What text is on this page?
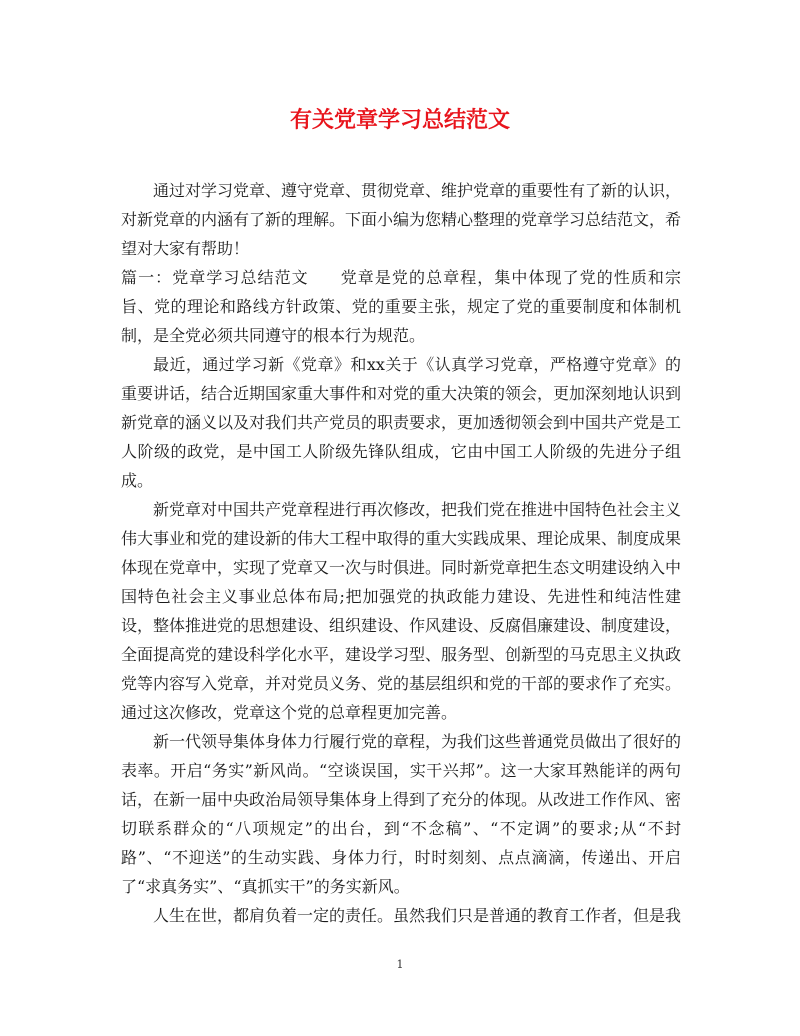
有关党章学习总结范文

通过对学习党章、遵守党章、贯彻党章、维护党章的重要性有了新的认识，对新党章的内涵有了新的理解。下面小编为您精心整理的党章学习总结范文，希望对大家有帮助！

篇一：党章学习总结范文 党章是党的总章程，集中体现了党的性质和宗旨、党的理论和路线方针政策、党的重要主张，规定了党的重要制度和体制机制，是全党必须共同遵守的根本行为规范。

最近，通过学习新《党章》和xx关于《认真学习党章，严格遵守党章》的重要讲话，结合近期国家重大事件和对党的重大决策的领会，更加深刻地认识到新党章的涵义以及对我们共产党员的职责要求，更加透彻领会到中国共产党是工人阶级的政党，是中国工人阶级先锋队组成，它由中国工人阶级的先进分子组成。

新党章对中国共产党章程进行再次修改，把我们党在推进中国特色社会主义伟大事业和党的建设新的伟大工程中取得的重大实践成果、理论成果、制度成果体现在党章中，实现了党章又一次与时俱进。同时新党章把生态文明建设纳入中国特色社会主义事业总体布局;把加强党的执政能力建设、先进性和纯洁性建设，整体推进党的思想建设、组织建设、作风建设、反腐倡廉建设、制度建设，全面提高党的建设科学化水平，建设学习型、服务型、创新型的马克思主义执政党等内容写入党章，并对党员义务、党的基层组织和党的干部的要求作了充实。通过这次修改，党章这个党的总章程更加完善。

新一代领导集体身体力行履行党的章程，为我们这些普通党员做出了很好的表率。开启“务实”新风尚。“空谈误国，实干兴邦”。这一大家耳熟能详的两句话，在新一届中央政治局领导集体身上得到了充分的体现。从改进工作作风、密切联系群众的“八项规定”的出台，到“不念稿”、“不定调”的要求;从“不封路”、“不迎送”的生动实践、身体力行，时时刻刻、点点滴滴，传递出、开启了“求真务实”、“真抓实干”的务实新风。

人生在世，都肩负着一定的责任。虽然我们只是普通的教育工作者，但是我

1
